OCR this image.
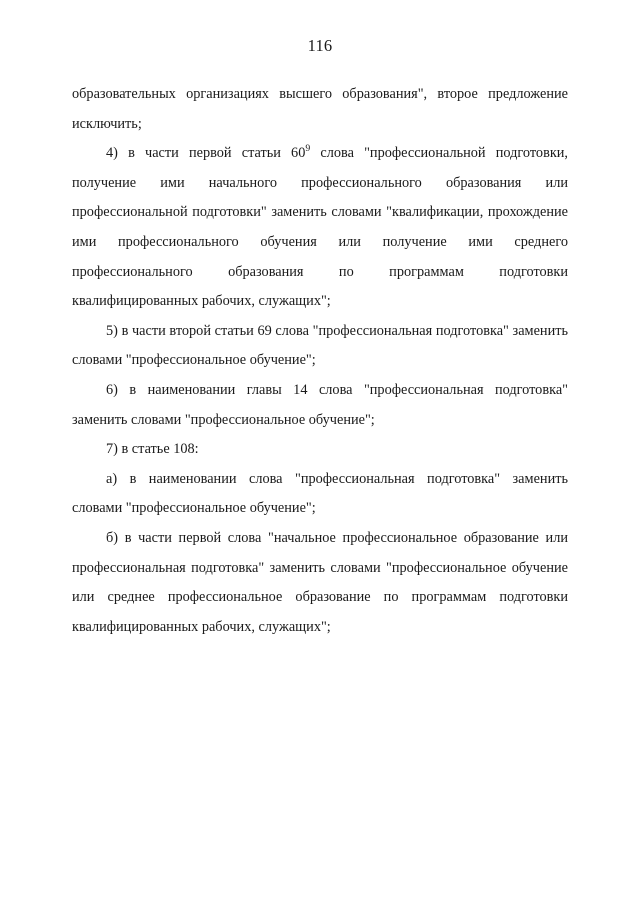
116

образовательных организациях высшего образования", второе предложение исключить;

4) в части первой статьи $60^9$ слова "профессиональной подготовки, получение ими начального профессионального образования или профессиональной подготовки" заменить словами "квалификации, прохождение ими профессионального обучения или получение ими среднего профессионального образования по программам подготовки квалифицированных рабочих, служащих";

5) в части второй статьи 69 слова "профессиональная подготовка" заменить словами "профессиональное обучение";

6) в наименовании главы 14 слова "профессиональная подготовка" заменить словами "профессиональное обучение";

7) в статье 108:

а) в наименовании слова "профессиональная подготовка" заменить словами "профессиональное обучение";

б) в части первой слова "начальное профессиональное образование или профессиональная подготовка" заменить словами "профессиональное обучение или среднее профессиональное образование по программам подготовки квалифицированных рабочих, служащих";
